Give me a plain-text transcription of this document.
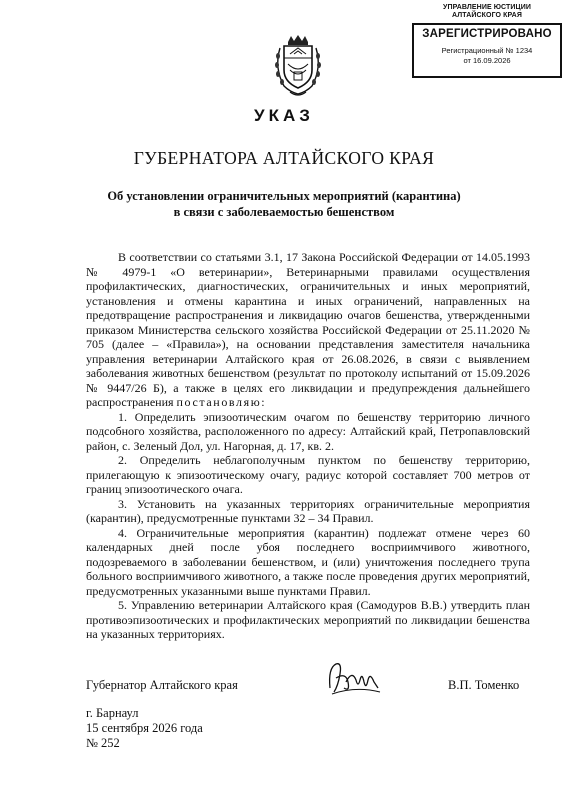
УПРАВЛЕНИЕ ЮСТИЦИИ
АЛТАЙСКОГО КРАЯ
ЗАРЕГИСТРИРОВАНО
Регистрационный № 1234
от 16.09.2026
УКАЗ
ГУБЕРНАТОРА АЛТАЙСКОГО КРАЯ
Об установлении ограничительных мероприятий (карантина)
в связи с заболеваемостью бешенством

В соответствии со статьями 3.1, 17 Закона Российской Федерации от 14.05.1993 № 4979-1 «О ветеринарии», Ветеринарными правилами осуществления профилактических, диагностических, ограничительных и иных мероприятий, установления и отмены карантина и иных ограничений, направленных на предотвращение распространения и ликвидацию очагов бешенства, утвержденными приказом Министерства сельского хозяйства Российской Федерации от 25.11.2020 № 705 (далее – «Правила»), на основании представления заместителя начальника управления ветеринарии Алтайского края от 26.08.2026, в связи с выявлением заболевания животных бешенством (результат по протоколу испытаний от 15.09.2026 № 9447/26 Б), а также в целях его ликвидации и предупреждения дальнейшего распространения постановляю:

1. Определить эпизоотическим очагом по бешенству территорию личного подсобного хозяйства, расположенного по адресу: Алтайский край, Петропавловский район, с. Зеленый Дол, ул. Нагорная, д. 17, кв. 2.

2. Определить неблагополучным пунктом по бешенству территорию, прилегающую к эпизоотическому очагу, радиус которой составляет 700 метров от границ эпизоотического очага.

3. Установить на указанных территориях ограничительные мероприятия (карантин), предусмотренные пунктами 32 – 34 Правил.

4. Ограничительные мероприятия (карантин) подлежат отмене через 60 календарных дней после убоя последнего восприимчивого животного, подозреваемого в заболевании бешенством, и (или) уничтожения последнего трупа больного восприимчивого животного, а также после проведения других мероприятий, предусмотренных указанными выше пунктами Правил.

5. Управлению ветеринарии Алтайского края (Самодуров В.В.) утвердить план противоэпизоотических и профилактических мероприятий по ликвидации бешенства на указанных территориях.

Губернатор Алтайского края	В.П. Томенко
г. Барнаул
15 сентября 2026 года
№ 252
